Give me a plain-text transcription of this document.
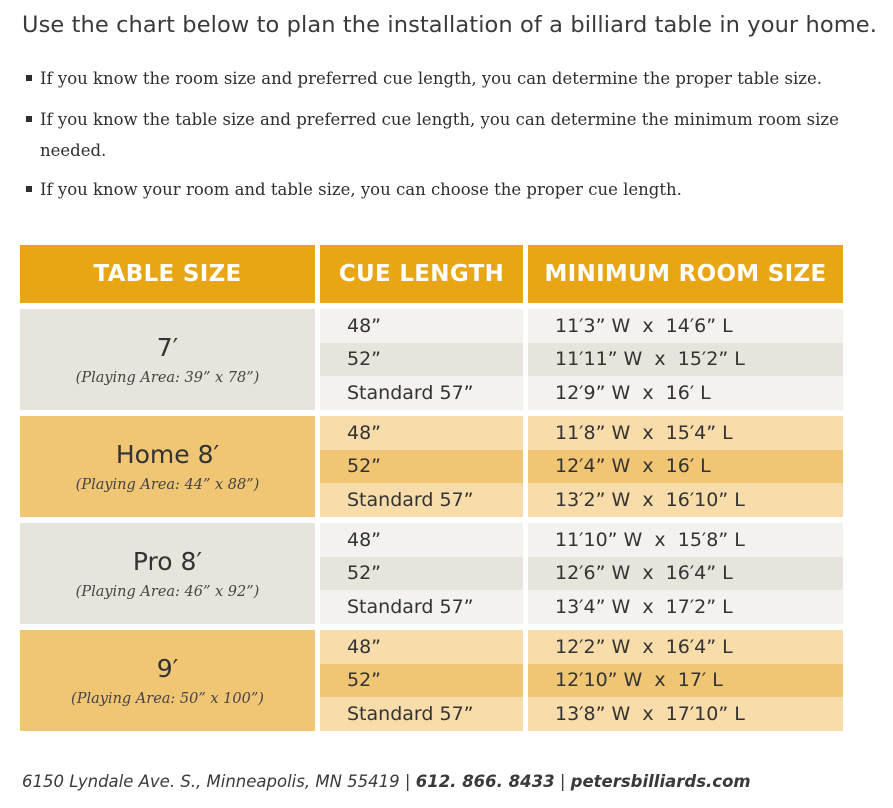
Use the chart below to plan the installation of a billiard table in your home.
If you know the room size and preferred cue length, you can determine the proper table size.
If you know the table size and preferred cue length, you can determine the minimum room size needed.
If you know your room and table size, you can choose the proper cue length.
TABLE SIZE	CUE LENGTH	MINIMUM ROOM SIZE
7′
(Playing Area: 39” x 78”)
48”	11′3” W  x  14′6” L
52”	11′11” W  x  15′2” L
Standard 57”	12′9” W  x  16′ L
Home 8′
(Playing Area: 44” x 88”)
48”	11′8” W  x  15′4” L
52”	12′4” W  x  16′ L
Standard 57”	13′2” W  x  16′10” L
Pro 8′
(Playing Area: 46” x 92”)
48”	11′10” W  x  15′8” L
52”	12′6” W  x  16′4” L
Standard 57”	13′4” W  x  17′2” L
9′
(Playing Area: 50” x 100”)
48”	12′2” W  x  16′4” L
52”	12′10” W  x  17′ L
Standard 57”	13′8” W  x  17′10” L
6150 Lyndale Ave. S., Minneapolis, MN 55419 | 612. 866. 8433 | petersbilliards.com
